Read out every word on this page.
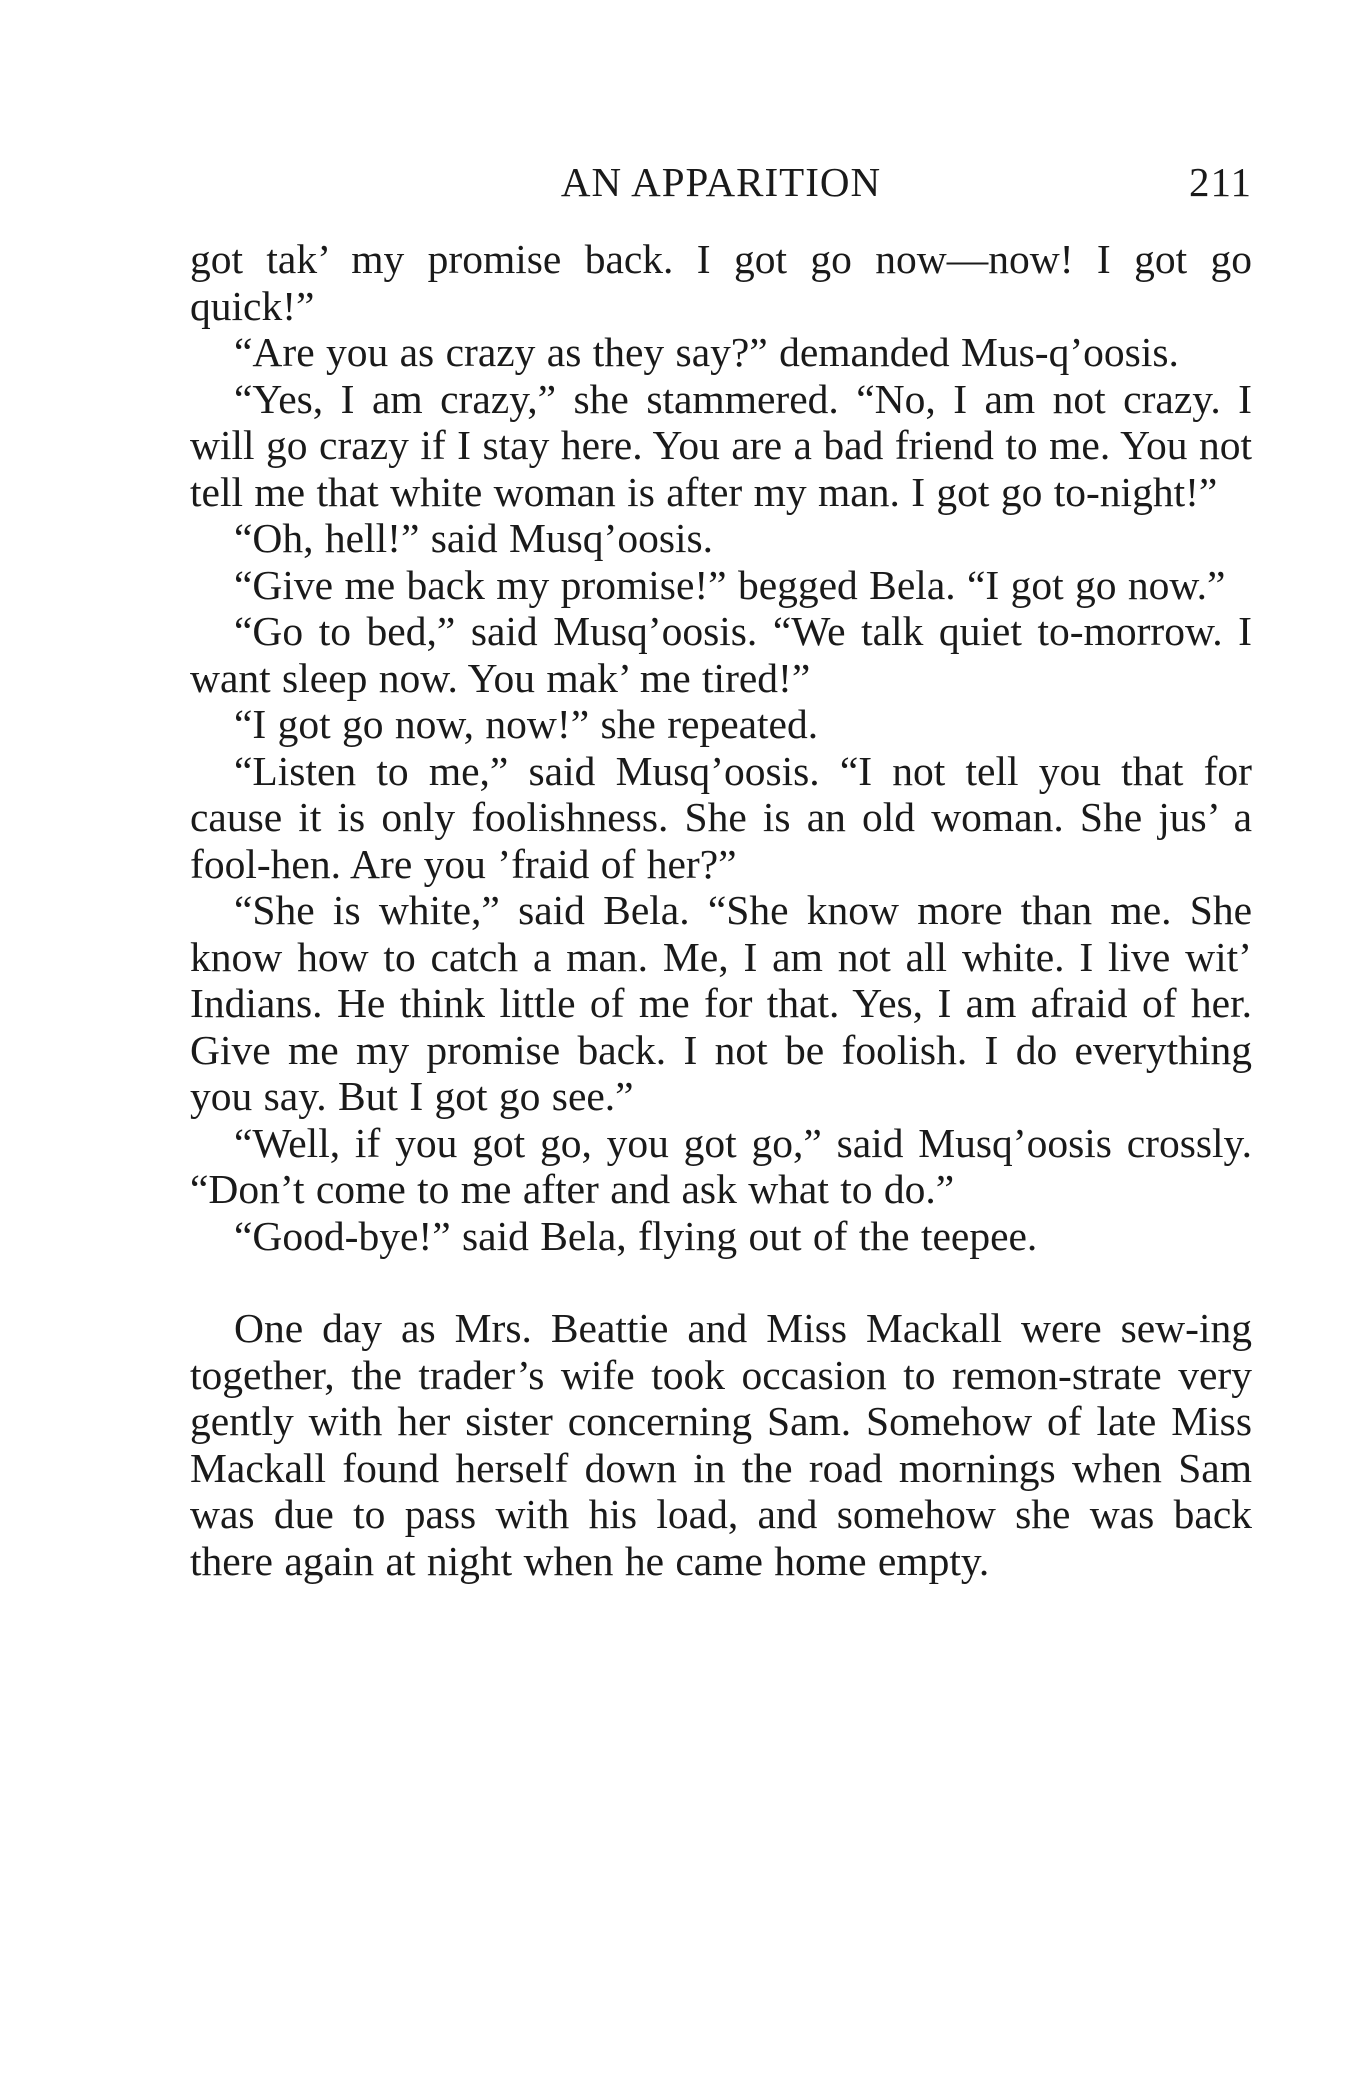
AN APPARITION	211

got tak’ my promise back. I got go now—now! I got go quick!”

“Are you as crazy as they say?” demanded Mus-q’oosis.

“Yes, I am crazy,” she stammered. “No, I am not crazy. I will go crazy if I stay here. You are a bad friend to me. You not tell me that white woman is after my man. I got go to-night!”

“Oh, hell!” said Musq’oosis.

“Give me back my promise!” begged Bela. “I got go now.”

“Go to bed,” said Musq’oosis. “We talk quiet to-morrow. I want sleep now. You mak’ me tired!”

“I got go now, now!” she repeated.

“Listen to me,” said Musq’oosis. “I not tell you that for cause it is only foolishness. She is an old woman. She jus’ a fool-hen. Are you ’fraid of her?”

“She is white,” said Bela. “She know more than me. She know how to catch a man. Me, I am not all white. I live wit’ Indians. He think little of me for that. Yes, I am afraid of her. Give me my promise back. I not be foolish. I do everything you say. But I got go see.”

“Well, if you got go, you got go,” said Musq’oosis crossly. “Don’t come to me after and ask what to do.”

“Good-bye!” said Bela, flying out of the teepee.

One day as Mrs. Beattie and Miss Mackall were sew-ing together, the trader’s wife took occasion to remon-strate very gently with her sister concerning Sam. Somehow of late Miss Mackall found herself down in the road mornings when Sam was due to pass with his load, and somehow she was back there again at night when he came home empty.
